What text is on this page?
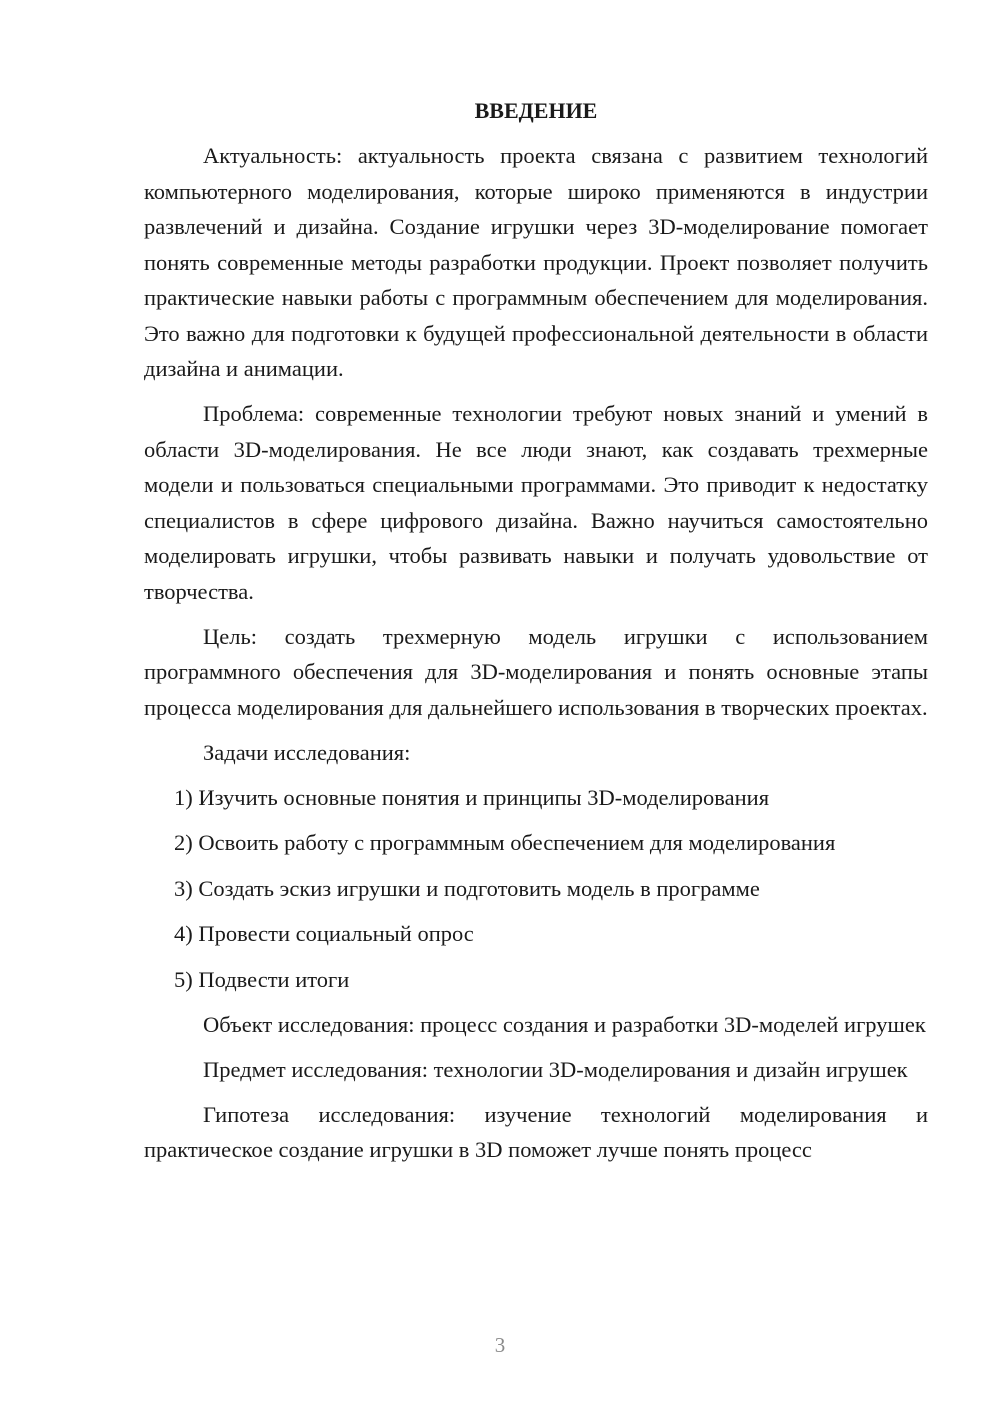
ВВЕДЕНИЕ

Актуальность: актуальность проекта связана с развитием технологий компьютерного моделирования, которые широко применяются в индустрии развлечений и дизайна. Создание игрушки через 3D-моделирование помогает понять современные методы разработки продукции. Проект позволяет получить практические навыки работы с программным обеспечением для моделирования. Это важно для подготовки к будущей профессиональной деятельности в области дизайна и анимации.

Проблема: современные технологии требуют новых знаний и умений в области 3D-моделирования. Не все люди знают, как создавать трехмерные модели и пользоваться специальными программами. Это приводит к недостатку специалистов в сфере цифрового дизайна. Важно научиться самостоятельно моделировать игрушки, чтобы развивать навыки и получать удовольствие от творчества.

Цель: создать трехмерную модель игрушки с использованием программного обеспечения для 3D-моделирования и понять основные этапы процесса моделирования для дальнейшего использования в творческих проектах.

Задачи исследования:

1) Изучить основные понятия и принципы 3D-моделирования
2) Освоить работу с программным обеспечением для моделирования
3) Создать эскиз игрушки и подготовить модель в программе
4) Провести социальный опрос
5) Подвести итоги

Объект исследования: процесс создания и разработки 3D-моделей игрушек

Предмет исследования: технологии 3D-моделирования и дизайн игрушек

Гипотеза исследования: изучение технологий моделирования и практическое создание игрушки в 3D поможет лучше понять процесс

3
